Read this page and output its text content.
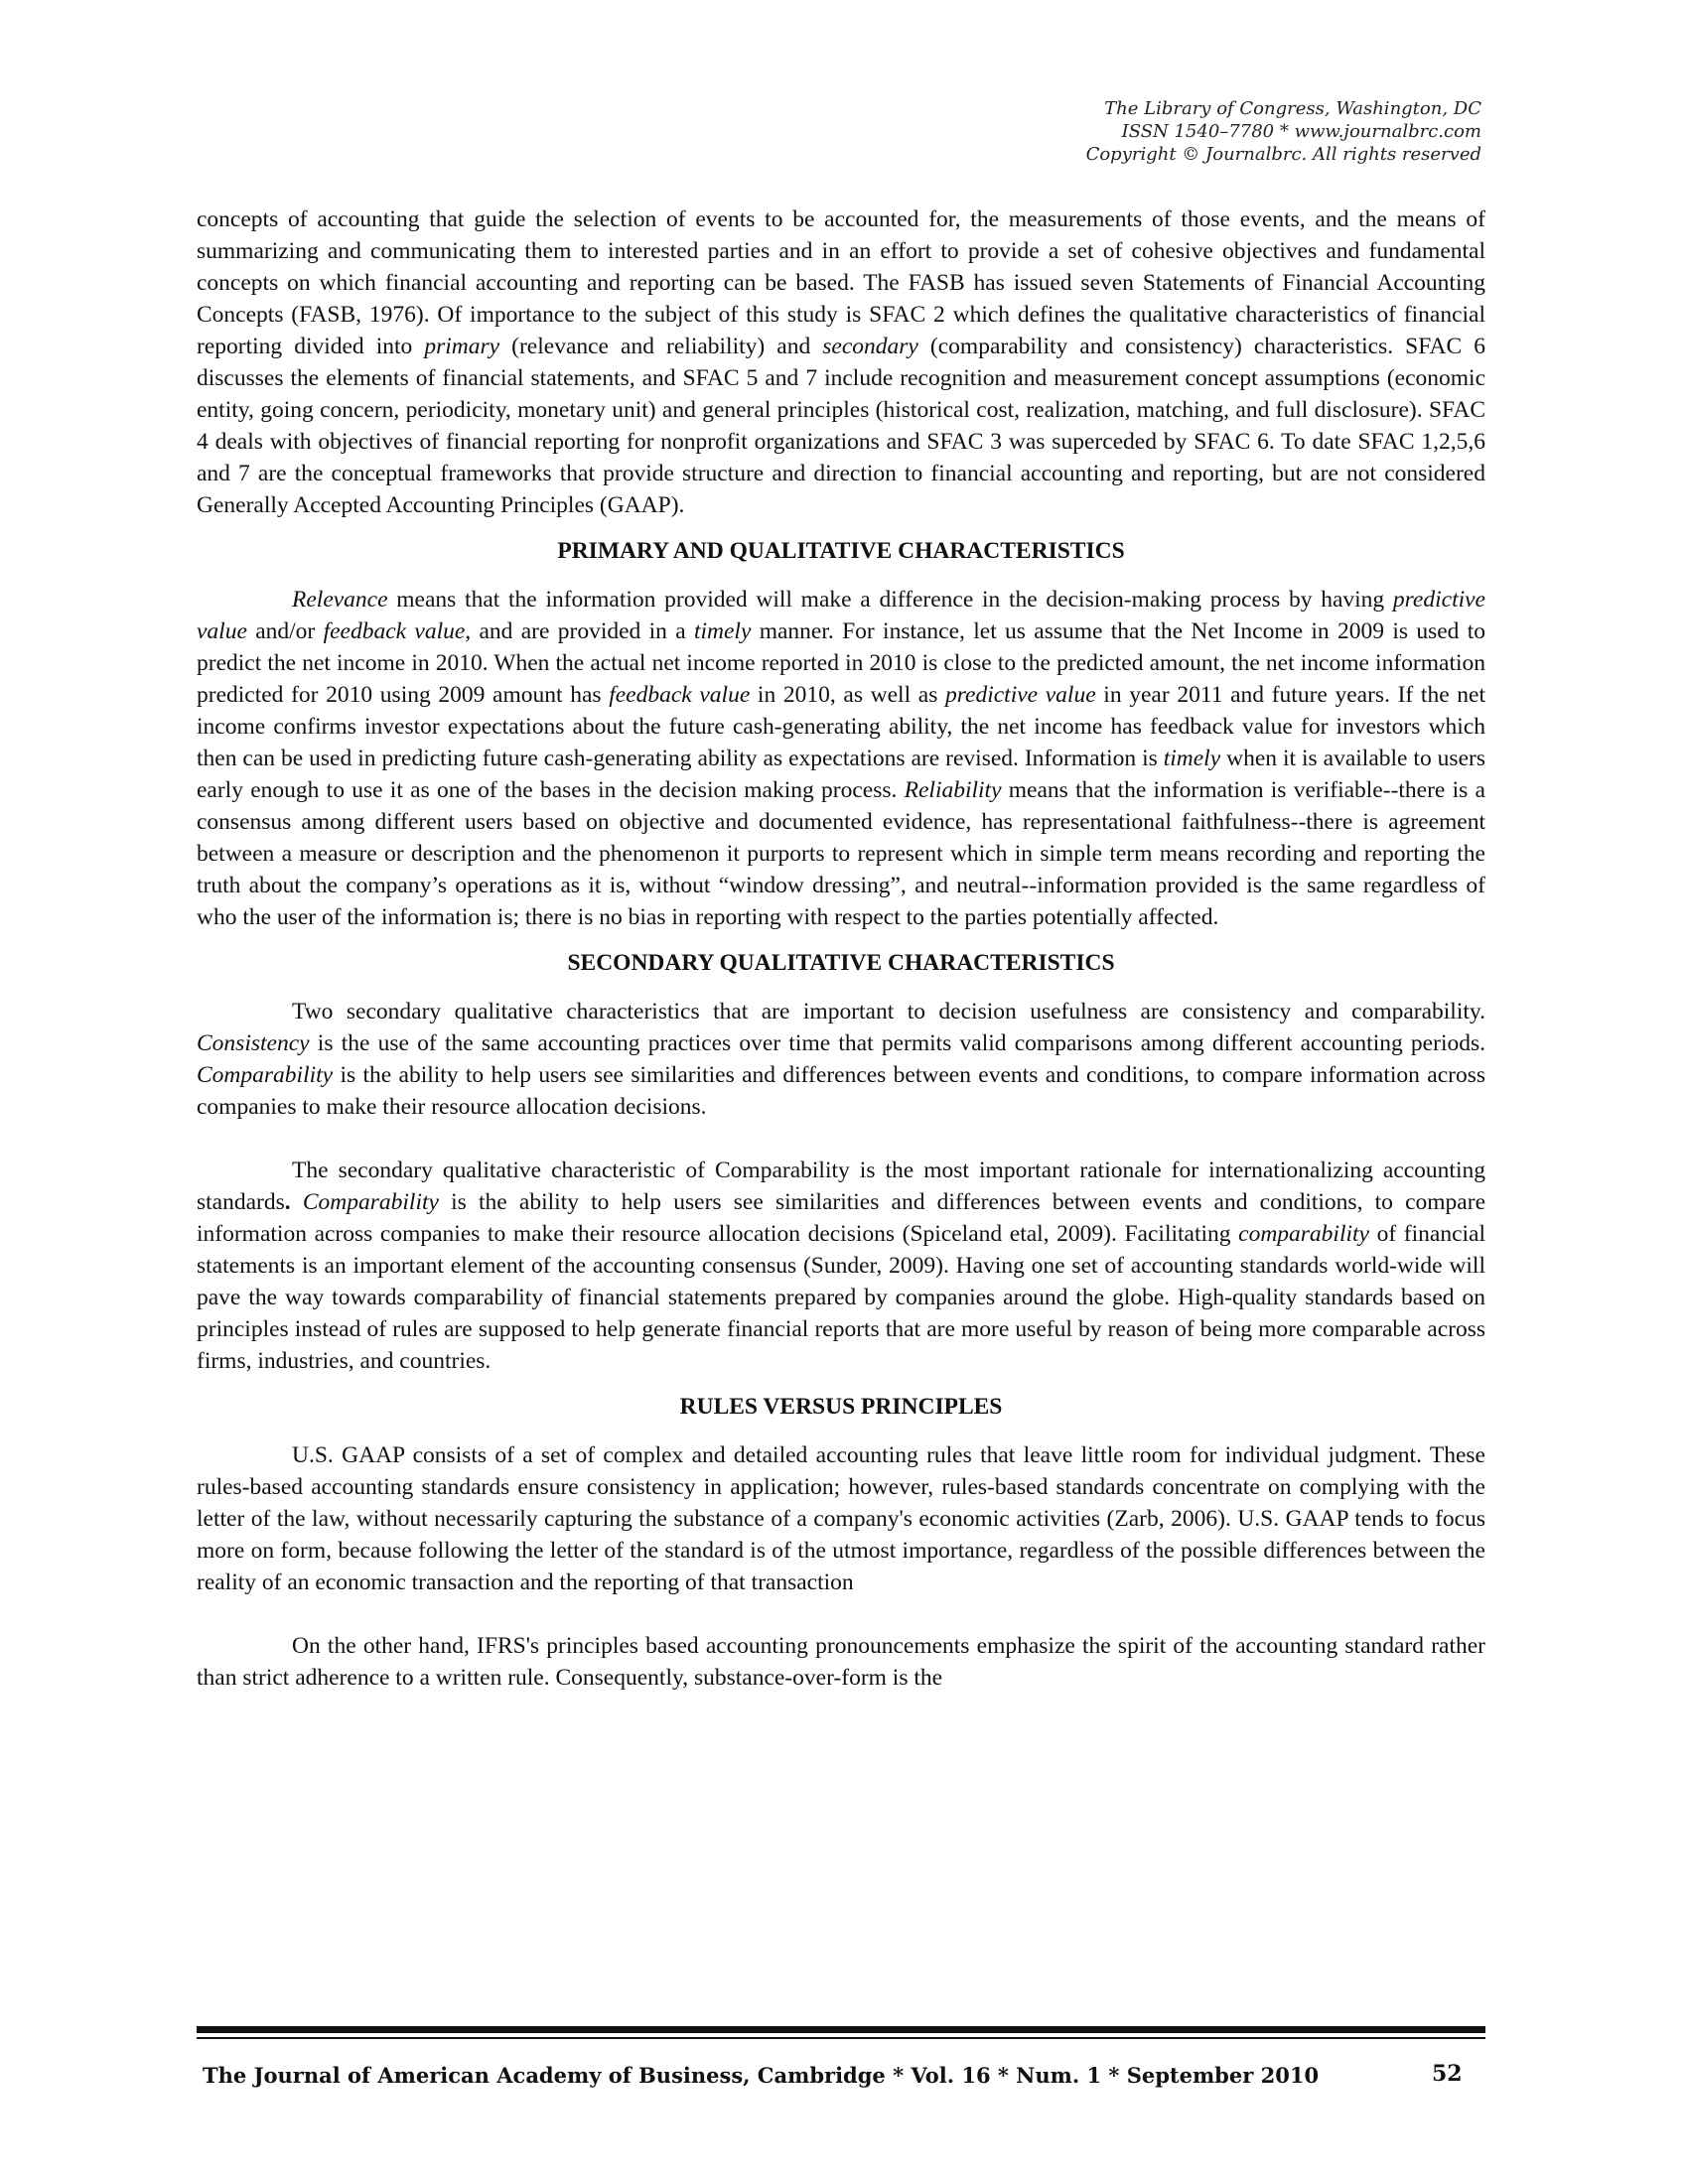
The Library of Congress, Washington, DC
ISSN 1540–7780 * www.journalbrc.com
Copyright © Journalbrc. All rights reserved

concepts of accounting that guide the selection of events to be accounted for, the measurements of those events, and the means of summarizing and communicating them to interested parties and in an effort to provide a set of cohesive objectives and fundamental concepts on which financial accounting and reporting can be based. The FASB has issued seven Statements of Financial Accounting Concepts (FASB, 1976). Of importance to the subject of this study is SFAC 2 which defines the qualitative characteristics of financial reporting divided into primary (relevance and reliability) and secondary (comparability and consistency) characteristics. SFAC 6 discusses the elements of financial statements, and SFAC 5 and 7 include recognition and measurement concept assumptions (economic entity, going concern, periodicity, monetary unit) and general principles (historical cost, realization, matching, and full disclosure). SFAC 4 deals with objectives of financial reporting for nonprofit organizations and SFAC 3 was superceded by SFAC 6. To date SFAC 1,2,5,6 and 7 are the conceptual frameworks that provide structure and direction to financial accounting and reporting, but are not considered Generally Accepted Accounting Principles (GAAP).

PRIMARY AND QUALITATIVE CHARACTERISTICS

Relevance means that the information provided will make a difference in the decision-making process by having predictive value and/or feedback value, and are provided in a timely manner. For instance, let us assume that the Net Income in 2009 is used to predict the net income in 2010. When the actual net income reported in 2010 is close to the predicted amount, the net income information predicted for 2010 using 2009 amount has feedback value in 2010, as well as predictive value in year 2011 and future years. If the net income confirms investor expectations about the future cash-generating ability, the net income has feedback value for investors which then can be used in predicting future cash-generating ability as expectations are revised. Information is timely when it is available to users early enough to use it as one of the bases in the decision making process. Reliability means that the information is verifiable--there is a consensus among different users based on objective and documented evidence, has representational faithfulness--there is agreement between a measure or description and the phenomenon it purports to represent which in simple term means recording and reporting the truth about the company’s operations as it is, without “window dressing”, and neutral--information provided is the same regardless of who the user of the information is; there is no bias in reporting with respect to the parties potentially affected.

SECONDARY QUALITATIVE CHARACTERISTICS

Two secondary qualitative characteristics that are important to decision usefulness are consistency and comparability. Consistency is the use of the same accounting practices over time that permits valid comparisons among different accounting periods. Comparability is the ability to help users see similarities and differences between events and conditions, to compare information across companies to make their resource allocation decisions.

The secondary qualitative characteristic of Comparability is the most important rationale for internationalizing accounting standards. Comparability is the ability to help users see similarities and differences between events and conditions, to compare information across companies to make their resource allocation decisions (Spiceland etal, 2009). Facilitating comparability of financial statements is an important element of the accounting consensus (Sunder, 2009). Having one set of accounting standards world-wide will pave the way towards comparability of financial statements prepared by companies around the globe. High-quality standards based on principles instead of rules are supposed to help generate financial reports that are more useful by reason of being more comparable across firms, industries, and countries.

RULES VERSUS PRINCIPLES

U.S. GAAP consists of a set of complex and detailed accounting rules that leave little room for individual judgment. These rules-based accounting standards ensure consistency in application; however, rules-based standards concentrate on complying with the letter of the law, without necessarily capturing the substance of a company's economic activities (Zarb, 2006). U.S. GAAP tends to focus more on form, because following the letter of the standard is of the utmost importance, regardless of the possible differences between the reality of an economic transaction and the reporting of that transaction

On the other hand, IFRS's principles based accounting pronouncements emphasize the spirit of the accounting standard rather than strict adherence to a written rule. Consequently, substance-over-form is the

The Journal of American Academy of Business, Cambridge * Vol. 16 * Num. 1 * September 2010	52
